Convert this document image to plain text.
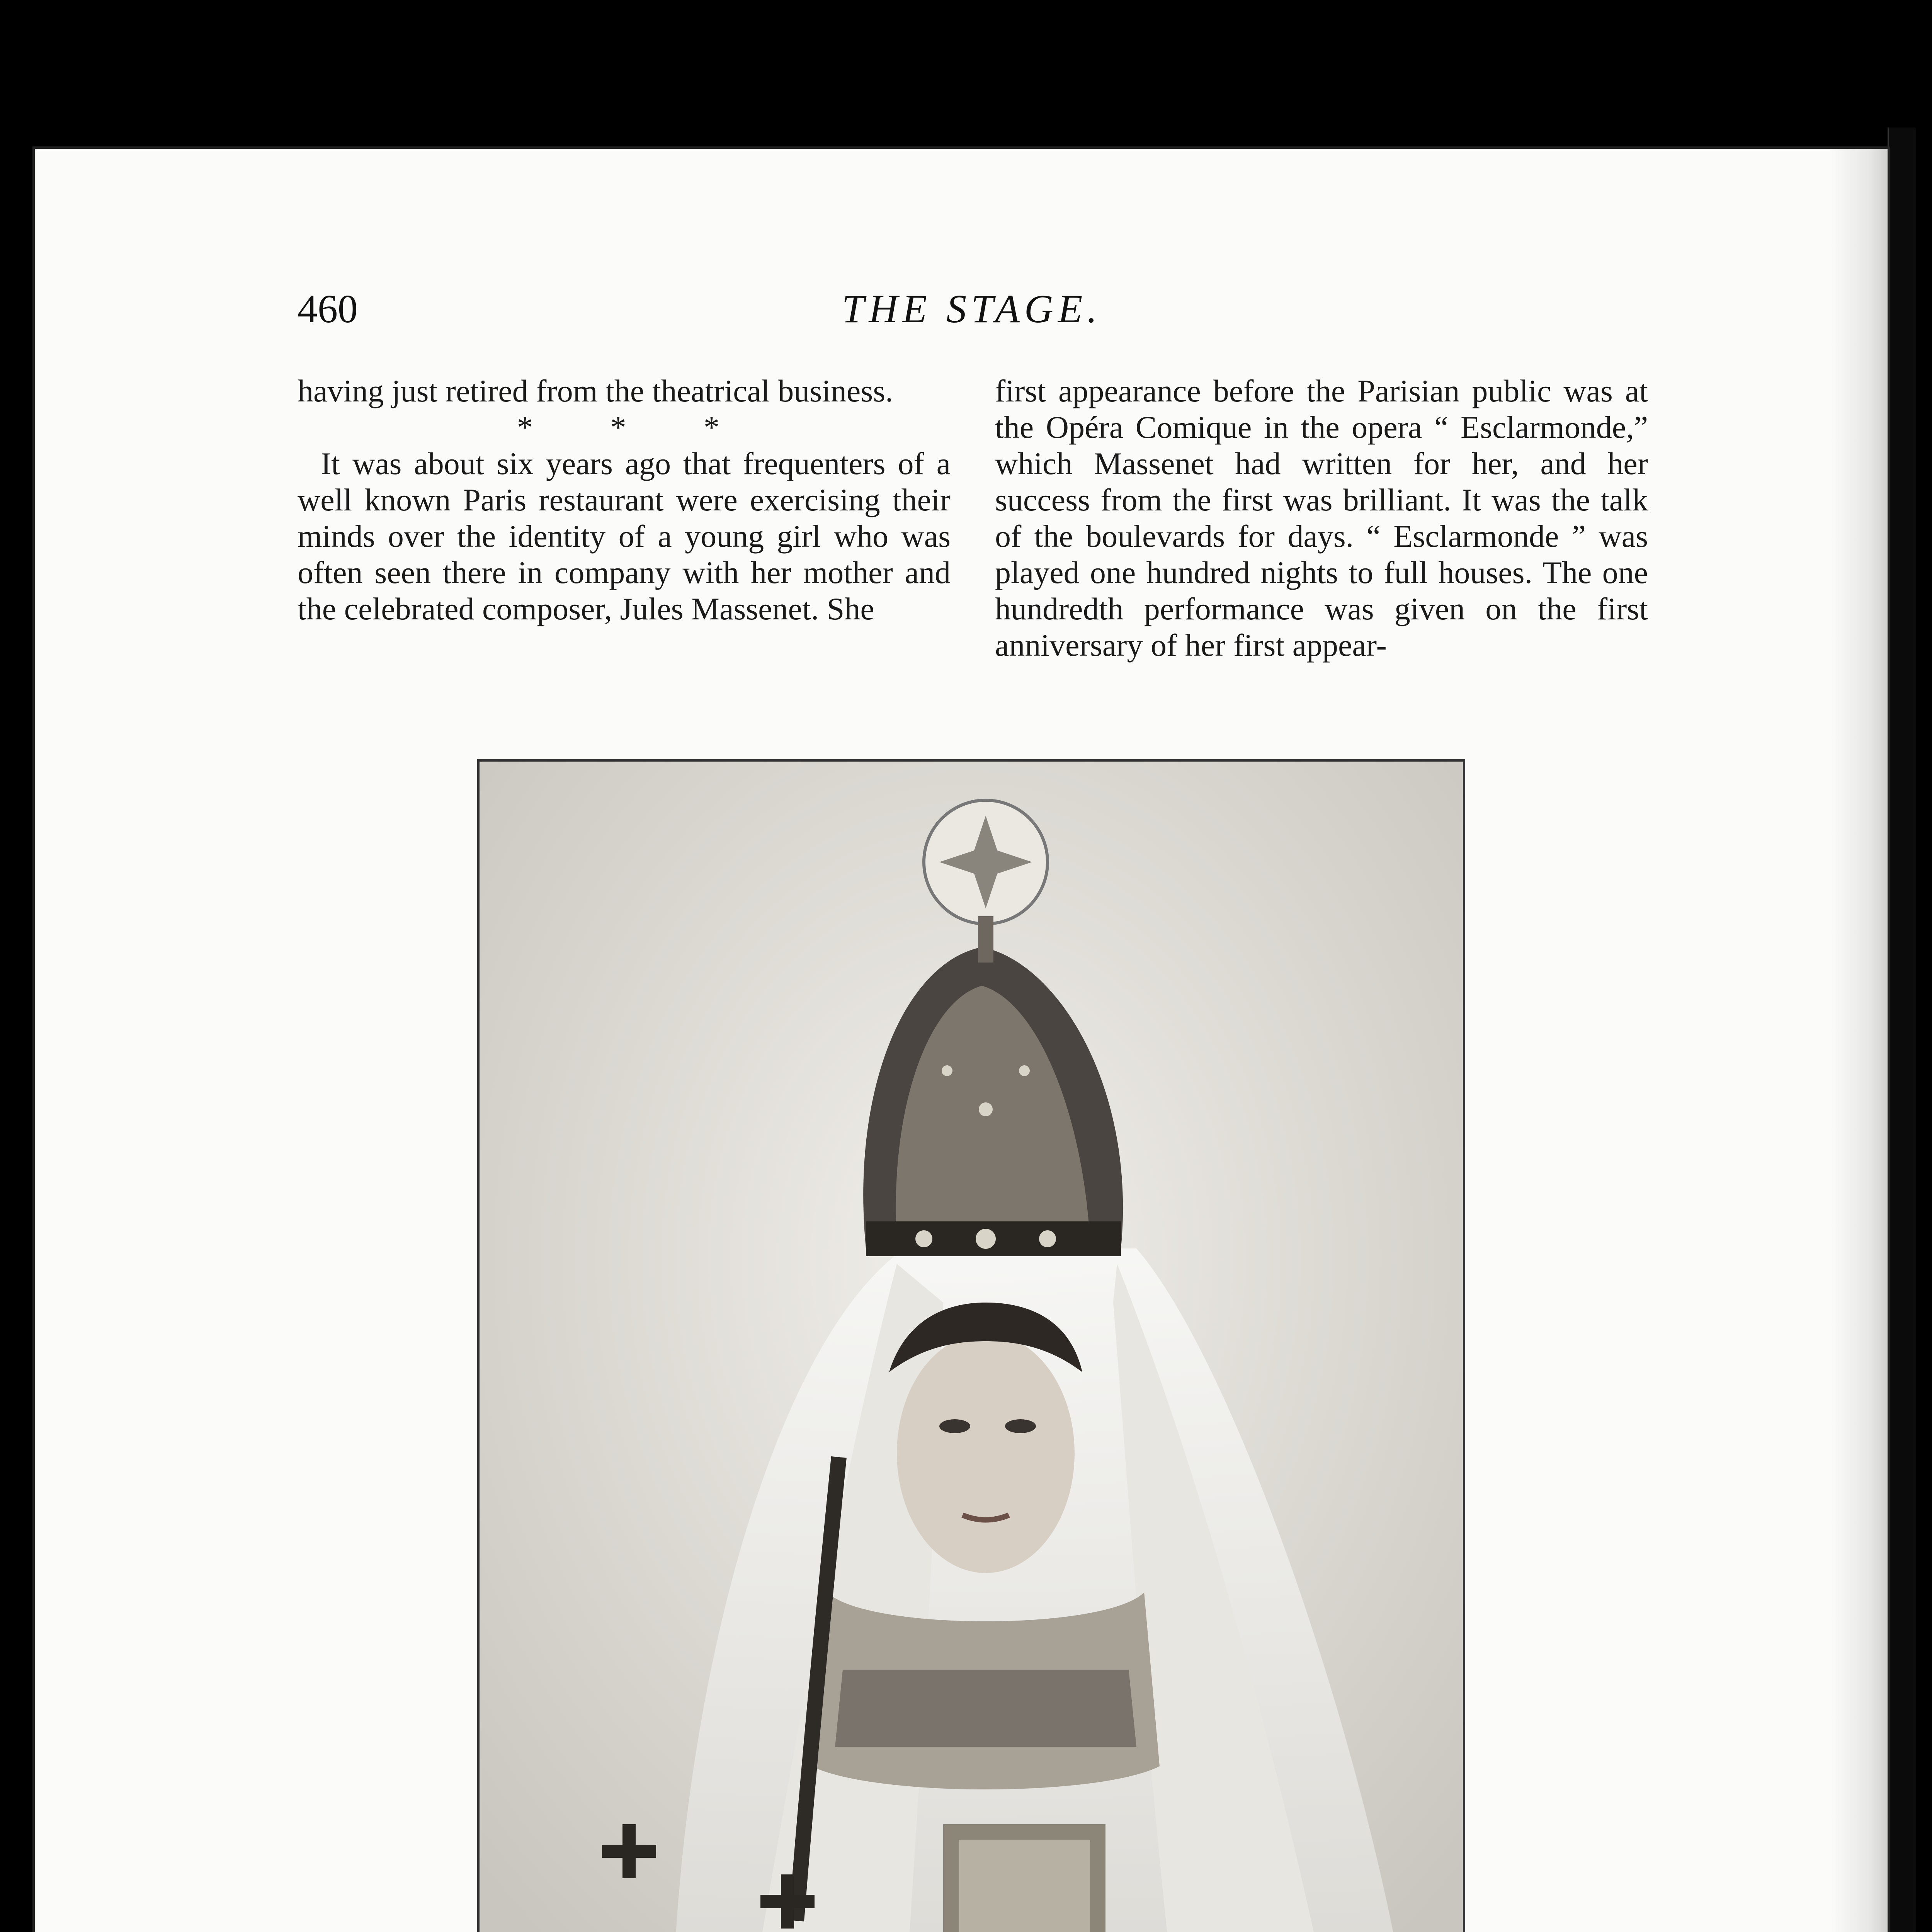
460	THE STAGE.

having just retired from the theatrical business.

* * *

It was about six years ago that frequenters of a well known Paris restaurant were exercising their minds over the identity of a young girl who was often seen there in company with her mother and the celebrated composer, Jules Massenet. She

first appearance before the Parisian public was at the Opéra Comique in the opera “ Esclarmonde,” which Massenet had written for her, and her success from the first was brilliant. It was the talk of the boulevards for days. “ Esclarmonde ” was played one hundred nights to full houses. The one hundredth performance was given on the first anniversary of her first appear-
